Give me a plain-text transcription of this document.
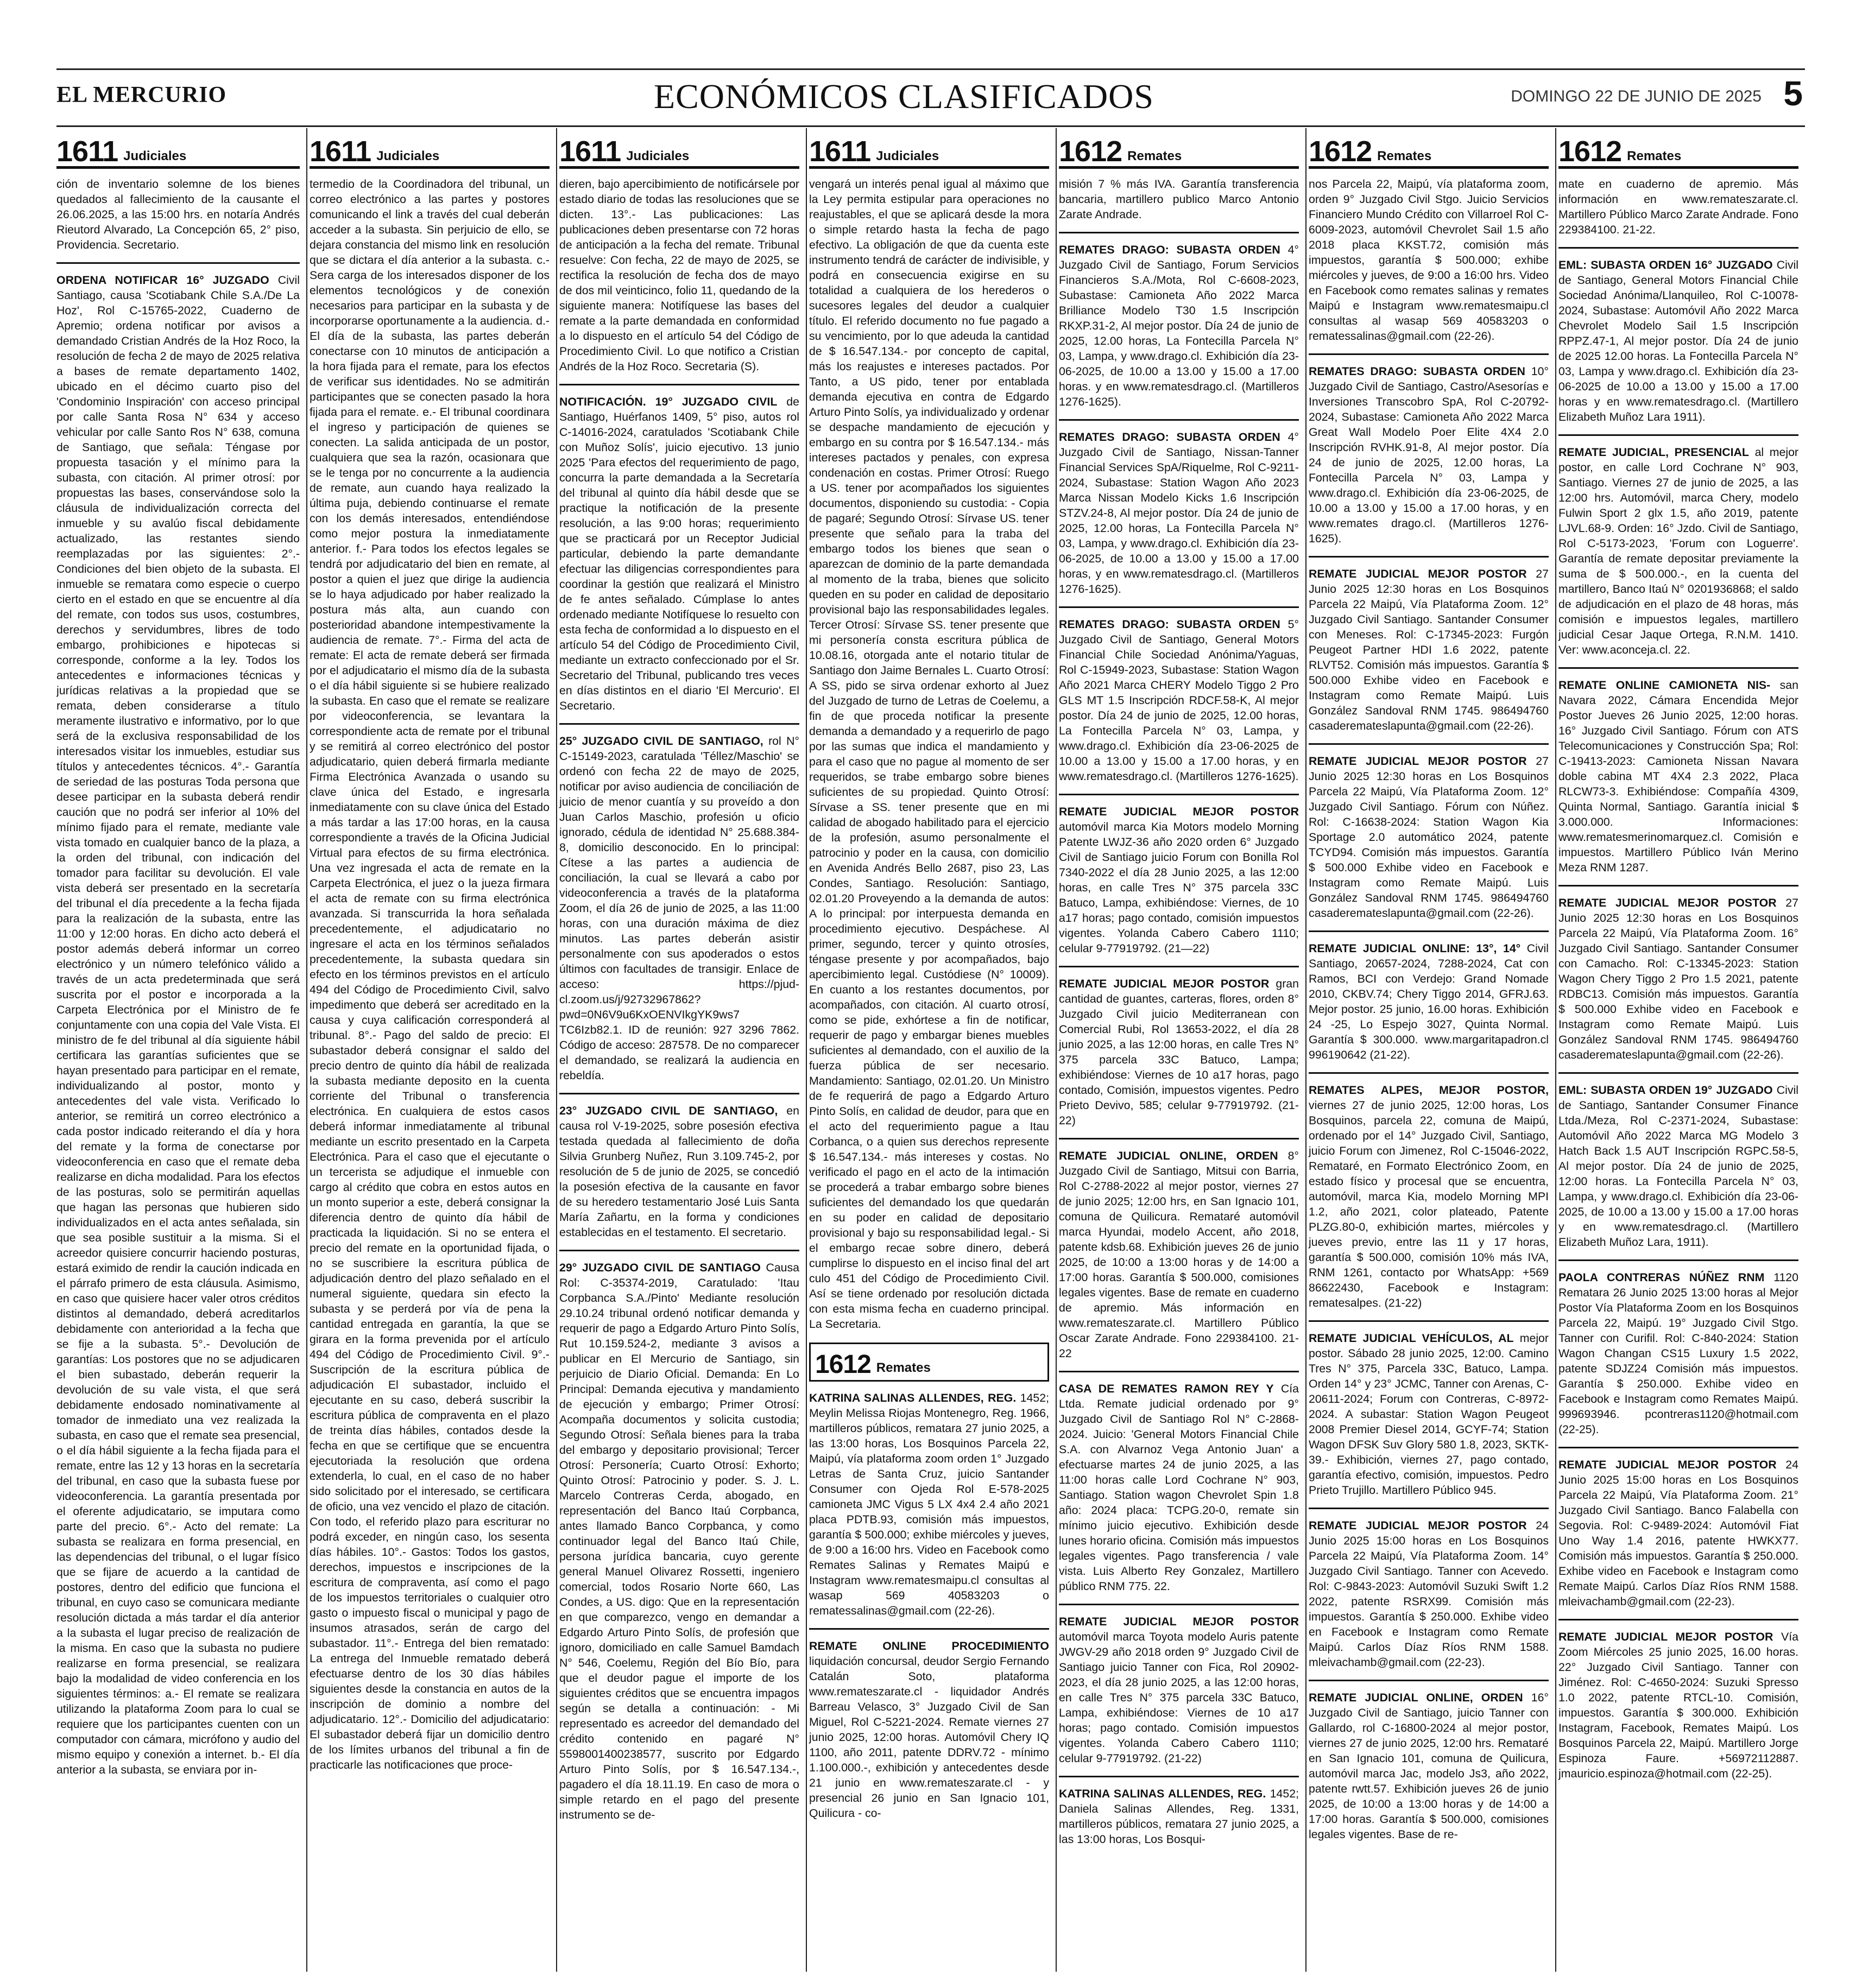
EL MERCURIO	ECONÓMICOS CLASIFICADOS	DOMINGO 22 DE JUNIO DE 2025 5
1611 Judiciales

ción de inventario solemne de los bienes quedados al fallecimiento de la causante el 26.06.2025, a las 15:00 hrs. en notaría Andrés Rieutord Alvarado, La Concepción 65, 2° piso, Providencia. Secretario.

ORDENA NOTIFICAR 16° JUZGADO Civil Santiago, causa 'Scotiabank Chile S.A./De La Hoz', Rol C-15765-2022, Cuaderno de Apremio; ordena notificar por avisos a demandado Cristian Andrés de la Hoz Roco, la resolución de fecha 2 de mayo de 2025 relativa a bases de remate departamento 1402, ubicado en el décimo cuarto piso del 'Condominio Inspiración' con acceso principal por calle Santa Rosa N° 634 y acceso vehicular por calle Santo Ros N° 638, comuna de Santiago, que señala: Téngase por propuesta tasación y el mínimo para la subasta, con citación. Al primer otrosí: por propuestas las bases, conservándose solo la cláusula de individualización correcta del inmueble y su avalúo fiscal debidamente actualizado, las restantes siendo reemplazadas por las siguientes: 2°.- Condiciones del bien objeto de la subasta. El inmueble se rematara como especie o cuerpo cierto en el estado en que se encuentre al día del remate, con todos sus usos, costumbres, derechos y servidumbres, libres de todo embargo, prohibiciones e hipotecas si corresponde, conforme a la ley. Todos los antecedentes e informaciones técnicas y jurídicas relativas a la propiedad que se remata, deben considerarse a título meramente ilustrativo e informativo, por lo que será de la exclusiva responsabilidad de los interesados visitar los inmuebles, estudiar sus títulos y antecedentes técnicos. 4°.- Garantía de seriedad de las posturas Toda persona que desee participar en la subasta deberá rendir caución que no podrá ser inferior al 10% del mínimo fijado para el remate, mediante vale vista tomado en cualquier banco de la plaza, a la orden del tribunal, con indicación del tomador para facilitar su devolución. El vale vista deberá ser presentado en la secretaría del tribunal el día precedente a la fecha fijada para la realización de la subasta, entre las 11:00 y 12:00 horas. En dicho acto deberá el postor además deberá informar un correo electrónico y un número telefónico válido a través de un acta predeterminada que será suscrita por el postor e incorporada a la Carpeta Electrónica por el Ministro de fe conjuntamente con una copia del Vale Vista. El ministro de fe del tribunal al día siguiente hábil certificara las garantías suficientes que se hayan presentado para participar en el remate, individualizando al postor, monto y antecedentes del vale vista. Verificado lo anterior, se remitirá un correo electrónico a cada postor indicado reiterando el día y hora del remate y la forma de conectarse por videoconferencia en caso que el remate deba realizarse en dicha modalidad. Para los efectos de las posturas, solo se permitirán aquellas que hagan las personas que hubieren sido individualizados en el acta antes señalada, sin que sea posible sustituir a la misma. Si el acreedor quisiere concurrir haciendo posturas, estará eximido de rendir la caución indicada en el párrafo primero de esta cláusula. Asimismo, en caso que quisiere hacer valer otros créditos distintos al demandado, deberá acreditarlos debidamente con anterioridad a la fecha que se fije a la subasta. 5°.- Devolución de garantías: Los postores que no se adjudicaren el bien subastado, deberán requerir la devolución de su vale vista, el que será debidamente endosado nominativamente al tomador de inmediato una vez realizada la subasta, en caso que el remate sea presencial, o el día hábil siguiente a la fecha fijada para el remate, entre las 12 y 13 horas en la secretaría del tribunal, en caso que la subasta fuese por videoconferencia. La garantía presentada por el oferente adjudicatario, se imputara como parte del precio. 6°.- Acto del remate: La subasta se realizara en forma presencial, en las dependencias del tribunal, o el lugar físico que se fijare de acuerdo a la cantidad de postores, dentro del edificio que funciona el tribunal, en cuyo caso se comunicara mediante resolución dictada a más tardar el día anterior a la subasta el lugar preciso de realización de la misma. En caso que la subasta no pudiere realizarse en forma presencial, se realizara bajo la modalidad de video conferencia en los siguientes términos: a.- El remate se realizara utilizando la plataforma Zoom para lo cual se requiere que los participantes cuenten con un computador con cámara, micrófono y audio del mismo equipo y conexión a internet. b.- El día anterior a la subasta, se enviara por in-

1611 Judiciales

termedio de la Coordinadora del tribunal, un correo electrónico a las partes y postores comunicando el link a través del cual deberán acceder a la subasta. Sin perjuicio de ello, se dejara constancia del mismo link en resolución que se dictara el día anterior a la subasta. c.- Sera carga de los interesados disponer de los elementos tecnológicos y de conexión necesarios para participar en la subasta y de incorporarse oportunamente a la audiencia. d.- El día de la subasta, las partes deberán conectarse con 10 minutos de anticipación a la hora fijada para el remate, para los efectos de verificar sus identidades. No se admitirán participantes que se conecten pasado la hora fijada para el remate. e.- El tribunal coordinara el ingreso y participación de quienes se conecten. La salida anticipada de un postor, cualquiera que sea la razón, ocasionara que se le tenga por no concurrente a la audiencia de remate, aun cuando haya realizado la última puja, debiendo continuarse el remate con los demás interesados, entendiéndose como mejor postura la inmediatamente anterior. f.- Para todos los efectos legales se tendrá por adjudicatario del bien en remate, al postor a quien el juez que dirige la audiencia se lo haya adjudicado por haber realizado la postura más alta, aun cuando con posterioridad abandone intempestivamente la audiencia de remate. 7°.- Firma del acta de remate: El acta de remate deberá ser firmada por el adjudicatario el mismo día de la subasta o el día hábil siguiente si se hubiere realizado la subasta. En caso que el remate se realizare por videoconferencia, se levantara la correspondiente acta de remate por el tribunal y se remitirá al correo electrónico del postor adjudicatario, quien deberá firmarla mediante Firma Electrónica Avanzada o usando su clave única del Estado, e ingresarla inmediatamente con su clave única del Estado a más tardar a las 17:00 horas, en la causa correspondiente a través de la Oficina Judicial Virtual para efectos de su firma electrónica. Una vez ingresada el acta de remate en la Carpeta Electrónica, el juez o la jueza firmara el acta de remate con su firma electrónica avanzada. Si transcurrida la hora señalada precedentemente, el adjudicatario no ingresare el acta en los términos señalados precedentemente, la subasta quedara sin efecto en los términos previstos en el artículo 494 del Código de Procedimiento Civil, salvo impedimento que deberá ser acreditado en la causa y cuya calificación corresponderá al tribunal. 8°.- Pago del saldo de precio: El subastador deberá consignar el saldo del precio dentro de quinto día hábil de realizada la subasta mediante deposito en la cuenta corriente del Tribunal o transferencia electrónica. En cualquiera de estos casos deberá informar inmediatamente al tribunal mediante un escrito presentado en la Carpeta Electrónica. Para el caso que el ejecutante o un tercerista se adjudique el inmueble con cargo al crédito que cobra en estos autos en un monto superior a este, deberá consignar la diferencia dentro de quinto día hábil de practicada la liquidación. Si no se entera el precio del remate en la oportunidad fijada, o no se suscribiere la escritura pública de adjudicación dentro del plazo señalado en el numeral siguiente, quedara sin efecto la subasta y se perderá por vía de pena la cantidad entregada en garantía, la que se girara en la forma prevenida por el artículo 494 del Código de Procedimiento Civil. 9°.- Suscripción de la escritura pública de adjudicación El subastador, incluido el ejecutante en su caso, deberá suscribir la escritura pública de compraventa en el plazo de treinta días hábiles, contados desde la fecha en que se certifique que se encuentra ejecutoriada la resolución que ordena extenderla, lo cual, en el caso de no haber sido solicitado por el interesado, se certificara de oficio, una vez vencido el plazo de citación. Con todo, el referido plazo para escriturar no podrá exceder, en ningún caso, los sesenta días hábiles. 10°.- Gastos: Todos los gastos, derechos, impuestos e inscripciones de la escritura de compraventa, así como el pago de los impuestos territoriales o cualquier otro gasto o impuesto fiscal o municipal y pago de insumos atrasados, serán de cargo del subastador. 11°.- Entrega del bien rematado: La entrega del Inmueble rematado deberá efectuarse dentro de los 30 días hábiles siguientes desde la constancia en autos de la inscripción de dominio a nombre del adjudicatario. 12°.- Domicilio del adjudicatario: El subastador deberá fijar un domicilio dentro de los límites urbanos del tribunal a fin de practicarle las notificaciones que proce-

1611 Judiciales

dieren, bajo apercibimiento de notificársele por estado diario de todas las resoluciones que se dicten. 13°.- Las publicaciones: Las publicaciones deben presentarse con 72 horas de anticipación a la fecha del remate. Tribunal resuelve: Con fecha, 22 de mayo de 2025, se rectifica la resolución de fecha dos de mayo de dos mil veinticinco, folio 11, quedando de la siguiente manera: Notifíquese las bases del remate a la parte demandada en conformidad a lo dispuesto en el artículo 54 del Código de Procedimiento Civil. Lo que notifico a Cristian Andrés de la Hoz Roco. Secretaria (S).

NOTIFICACIÓN. 19° JUZGADO CIVIL de Santiago, Huérfanos 1409, 5° piso, autos rol C-14016-2024, caratulados 'Scotiabank Chile con Muñoz Solís', juicio ejecutivo. 13 junio 2025 'Para efectos del requerimiento de pago, concurra la parte demandada a la Secretaría del tribunal al quinto día hábil desde que se practique la notificación de la presente resolución, a las 9:00 horas; requerimiento que se practicará por un Receptor Judicial particular, debiendo la parte demandante efectuar las diligencias correspondientes para coordinar la gestión que realizará el Ministro de fe antes señalado. Cúmplase lo antes ordenado mediante Notifíquese lo resuelto con esta fecha de conformidad a lo dispuesto en el artículo 54 del Código de Procedimiento Civil, mediante un extracto confeccionado por el Sr. Secretario del Tribunal, publicando tres veces en días distintos en el diario 'El Mercurio'. El Secretario.

25° JUZGADO CIVIL DE SANTIAGO, rol N° C-15149-2023, caratulada 'Téllez/Maschio' se ordenó con fecha 22 de mayo de 2025, notificar por aviso audiencia de conciliación de juicio de menor cuantía y su proveído a don Juan Carlos Maschio, profesión u oficio ignorado, cédula de identidad N° 25.688.384-8, domicilio desconocido. En lo principal: Cítese a las partes a audiencia de conciliación, la cual se llevará a cabo por videoconferencia a través de la plataforma Zoom, el día 26 de junio de 2025, a las 11:00 horas, con una duración máxima de diez minutos. Las partes deberán asistir personalmente con sus apoderados o estos últimos con facultades de transigir. Enlace de acceso: https://pjud-cl.zoom.us/j/92732967862?pwd=0N6V9u6KxOENVIkgYK9ws7 TC6Izb82.1. ID de reunión: 927 3296 7862. Código de acceso: 287578. De no comparecer el demandado, se realizará la audiencia en rebeldía.

23° JUZGADO CIVIL DE SANTIAGO, en causa rol V-19-2025, sobre posesión efectiva testada quedada al fallecimiento de doña Silvia Grunberg Nuñez, Run 3.109.745-2, por resolución de 5 de junio de 2025, se concedió la posesión efectiva de la causante en favor de su heredero testamentario José Luis Santa María Zañartu, en la forma y condiciones establecidas en el testamento. El secretario.

29° JUZGADO CIVIL DE SANTIAGO Causa Rol: C-35374-2019, Caratulado: 'Itau Corpbanca S.A./Pinto' Mediante resolución 29.10.24 tribunal ordenó notificar demanda y requerir de pago a Edgardo Arturo Pinto Solís, Rut 10.159.524-2, mediante 3 avisos a publicar en El Mercurio de Santiago, sin perjuicio de Diario Oficial. Demanda: En Lo Principal: Demanda ejecutiva y mandamiento de ejecución y embargo; Primer Otrosí: Acompaña documentos y solicita custodia; Segundo Otrosí: Señala bienes para la traba del embargo y depositario provisional; Tercer Otrosí: Personería; Cuarto Otrosí: Exhorto; Quinto Otrosí: Patrocinio y poder. S. J. L. Marcelo Contreras Cerda, abogado, en representación del Banco Itaú Corpbanca, antes llamado Banco Corpbanca, y como continuador legal del Banco Itaú Chile, persona jurídica bancaria, cuyo gerente general Manuel Olivarez Rossetti, ingeniero comercial, todos Rosario Norte 660, Las Condes, a US. digo: Que en la representación en que comparezco, vengo en demandar a Edgardo Arturo Pinto Solís, de profesión que ignoro, domiciliado en calle Samuel Bamdach N° 546, Coelemu, Región del Bío Bío, para que el deudor pague el importe de los siguientes créditos que se encuentra impagos según se detalla a continuación: - Mi representado es acreedor del demandado del crédito contenido en pagaré N° 5598001400238577, suscrito por Edgardo Arturo Pinto Solís, por $ 16.547.134.-, pagadero el día 18.11.19. En caso de mora o simple retardo en el pago del presente instrumento se de-

1611 Judiciales

vengará un interés penal igual al máximo que la Ley permita estipular para operaciones no reajustables, el que se aplicará desde la mora o simple retardo hasta la fecha de pago efectivo. La obligación de que da cuenta este instrumento tendrá de carácter de indivisible, y podrá en consecuencia exigirse en su totalidad a cualquiera de los herederos o sucesores legales del deudor a cualquier título. El referido documento no fue pagado a su vencimiento, por lo que adeuda la cantidad de $ 16.547.134.- por concepto de capital, más los reajustes e intereses pactados. Por Tanto, a US pido, tener por entablada demanda ejecutiva en contra de Edgardo Arturo Pinto Solís, ya individualizado y ordenar se despache mandamiento de ejecución y embargo en su contra por $ 16.547.134.- más intereses pactados y penales, con expresa condenación en costas. Primer Otrosí: Ruego a US. tener por acompañados los siguientes documentos, disponiendo su custodia: - Copia de pagaré; Segundo Otrosí: Sírvase US. tener presente que señalo para la traba del embargo todos los bienes que sean o aparezcan de dominio de la parte demandada al momento de la traba, bienes que solicito queden en su poder en calidad de depositario provisional bajo las responsabilidades legales. Tercer Otrosí: Sírvase SS. tener presente que mi personería consta escritura pública de 10.08.16, otorgada ante el notario titular de Santiago don Jaime Bernales L. Cuarto Otrosí: A SS, pido se sirva ordenar exhorto al Juez del Juzgado de turno de Letras de Coelemu, a fin de que proceda notificar la presente demanda a demandado y a requerirlo de pago por las sumas que indica el mandamiento y para el caso que no pague al momento de ser requeridos, se trabe embargo sobre bienes suficientes de su propiedad. Quinto Otrosí: Sírvase a SS. tener presente que en mi calidad de abogado habilitado para el ejercicio de la profesión, asumo personalmente el patrocinio y poder en la causa, con domicilio en Avenida Andrés Bello 2687, piso 23, Las Condes, Santiago. Resolución: Santiago, 02.01.20 Proveyendo a la demanda de autos: A lo principal: por interpuesta demanda en procedimiento ejecutivo. Despáchese. Al primer, segundo, tercer y quinto otrosíes, téngase presente y por acompañados, bajo apercibimiento legal. Custódiese (N° 10009). En cuanto a los restantes documentos, por acompañados, con citación. Al cuarto otrosí, como se pide, exhórtese a fin de notificar, requerir de pago y embargar bienes muebles suficientes al demandado, con el auxilio de la fuerza pública de ser necesario. Mandamiento: Santiago, 02.01.20. Un Ministro de fe requerirá de pago a Edgardo Arturo Pinto Solís, en calidad de deudor, para que en el acto del requerimiento pague a Itau Corbanca, o a quien sus derechos represente $ 16.547.134.- más intereses y costas. No verificado el pago en el acto de la intimación se procederá a trabar embargo sobre bienes suficientes del demandado los que quedarán en su poder en calidad de depositario provisional y bajo su responsabilidad legal.- Si el embargo recae sobre dinero, deberá cumplirse lo dispuesto en el inciso final del art culo 451 del Código de Procedimiento Civil. Así se tiene ordenado por resolución dictada con esta misma fecha en cuaderno principal. La Secretaria.

1612 Remates

KATRINA SALINAS ALLENDES, REG. 1452; Meylin Melissa Riojas Montenegro, Reg. 1966, martilleros públicos, rematara 27 junio 2025, a las 13:00 horas, Los Bosquinos Parcela 22, Maipú, vía plataforma zoom orden 1° Juzgado Letras de Santa Cruz, juicio Santander Consumer con Ojeda Rol E-578-2025 camioneta JMC Vigus 5 LX 4x4 2.4 año 2021 placa PDTB.93, comisión más impuestos, garantía $ 500.000; exhibe miércoles y jueves, de 9:00 a 16:00 hrs. Video en Facebook como Remates Salinas y Remates Maipú e Instagram www.rematesmaipu.cl consultas al wasap 569 40583203 o rematessalinas@gmail.com (22-26).

REMATE ONLINE PROCEDIMIENTO liquidación concursal, deudor Sergio Fernando Catalán Soto, plataforma www.remateszarate.cl - liquidador Andrés Barreau Velasco, 3° Juzgado Civil de San Miguel, Rol C-5221-2024. Remate viernes 27 junio 2025, 12:00 horas. Automóvil Chery IQ 1100, año 2011, patente DDRV.72 - mínimo 1.100.000.-, exhibición y antecedentes desde 21 junio en www.remateszarate.cl - y presencial 26 junio en San Ignacio 101, Quilicura - co-

1612 Remates

misión 7 % más IVA. Garantía transferencia bancaria, martillero publico Marco Antonio Zarate Andrade.

REMATES DRAGO: SUBASTA ORDEN 4° Juzgado Civil de Santiago, Forum Servicios Financieros S.A./Mota, Rol C-6608-2023, Subastase: Camioneta Año 2022 Marca Brilliance Modelo T30 1.5 Inscripción RKXP.31-2, Al mejor postor. Día 24 de junio de 2025, 12.00 horas, La Fontecilla Parcela N° 03, Lampa, y www.drago.cl. Exhibición día 23-06-2025, de 10.00 a 13.00 y 15.00 a 17.00 horas. y en www.rematesdrago.cl. (Martilleros 1276-1625).

REMATES DRAGO: SUBASTA ORDEN 4° Juzgado Civil de Santiago, Nissan-Tanner Financial Services SpA/Riquelme, Rol C-9211-2024, Subastase: Station Wagon Año 2023 Marca Nissan Modelo Kicks 1.6 Inscripción STZV.24-8, Al mejor postor. Día 24 de junio de 2025, 12.00 horas, La Fontecilla Parcela N° 03, Lampa, y www.drago.cl. Exhibición día 23-06-2025, de 10.00 a 13.00 y 15.00 a 17.00 horas, y en www.rematesdrago.cl. (Martilleros 1276-1625).

REMATES DRAGO: SUBASTA ORDEN 5° Juzgado Civil de Santiago, General Motors Financial Chile Sociedad Anónima/Yaguas, Rol C-15949-2023, Subastase: Station Wagon Año 2021 Marca CHERY Modelo Tiggo 2 Pro GLS MT 1.5 Inscripción RDCF.58-K, Al mejor postor. Día 24 de junio de 2025, 12.00 horas, La Fontecilla Parcela N° 03, Lampa, y www.drago.cl. Exhibición día 23-06-2025 de 10.00 a 13.00 y 15.00 a 17.00 horas, y en www.rematesdrago.cl. (Martilleros 1276-1625).

REMATE JUDICIAL MEJOR POSTOR automóvil marca Kia Motors modelo Morning Patente LWJZ-36 año 2020 orden 6° Juzgado Civil de Santiago juicio Forum con Bonilla Rol 7340-2022 el día 28 Junio 2025, a las 12:00 horas, en calle Tres N° 375 parcela 33C Batuco, Lampa, exhibiéndose: Viernes, de 10 a17 horas; pago contado, comisión impuestos vigentes. Yolanda Cabero Cabero 1110; celular 9-77919792. (21—22)

REMATE JUDICIAL MEJOR POSTOR gran cantidad de guantes, carteras, flores, orden 8° Juzgado Civil juicio Mediterranean con Comercial Rubi, Rol 13653-2022, el día 28 junio 2025, a las 12:00 horas, en calle Tres N° 375 parcela 33C Batuco, Lampa; exhibiéndose: Viernes de 10 a17 horas, pago contado, Comisión, impuestos vigentes. Pedro Prieto Devivo, 585; celular 9-77919792. (21-22)

REMATE JUDICIAL ONLINE, ORDEN 8° Juzgado Civil de Santiago, Mitsui con Barria, Rol C-2788-2022 al mejor postor, viernes 27 de junio 2025; 12:00 hrs, en San Ignacio 101, comuna de Quilicura. Remataré automóvil marca Hyundai, modelo Accent, año 2018, patente kdsb.68. Exhibición jueves 26 de junio 2025, de 10:00 a 13:00 horas y de 14:00 a 17:00 horas. Garantía $ 500.000, comisiones legales vigentes. Base de remate en cuaderno de apremio. Más información en www.remateszarate.cl. Martillero Público Oscar Zarate Andrade. Fono 229384100. 21-22

CASA DE REMATES RAMON REY Y Cía Ltda. Remate judicial ordenado por 9° Juzgado Civil de Santiago Rol N° C-2868-2024. Juicio: 'General Motors Financial Chile S.A. con Alvarnoz Vega Antonio Juan' a efectuarse martes 24 de junio 2025, a las 11:00 horas calle Lord Cochrane N° 903, Santiago. Station wagon Chevrolet Spin 1.8 año: 2024 placa: TCPG.20-0, remate sin mínimo juicio ejecutivo. Exhibición desde lunes horario oficina. Comisión más impuestos legales vigentes. Pago transferencia / vale vista. Luis Alberto Rey Gonzalez, Martillero público RNM 775. 22.

REMATE JUDICIAL MEJOR POSTOR automóvil marca Toyota modelo Auris patente JWGV-29 año 2018 orden 9° Juzgado Civil de Santiago juicio Tanner con Fica, Rol 20902-2023, el día 28 junio 2025, a las 12:00 horas, en calle Tres N° 375 parcela 33C Batuco, Lampa, exhibiéndose: Viernes de 10 a17 horas; pago contado. Comisión impuestos vigentes. Yolanda Cabero Cabero 1110; celular 9-77919792. (21-22)

KATRINA SALINAS ALLENDES, REG. 1452; Daniela Salinas Allendes, Reg. 1331, martilleros públicos, rematara 27 junio 2025, a las 13:00 horas, Los Bosqui-

1612 Remates

nos Parcela 22, Maipú, vía plataforma zoom, orden 9° Juzgado Civil Stgo. Juicio Servicios Financiero Mundo Crédito con Villarroel Rol C-6009-2023, automóvil Chevrolet Sail 1.5 año 2018 placa KKST.72, comisión más impuestos, garantía $ 500.000; exhibe miércoles y jueves, de 9:00 a 16:00 hrs. Video en Facebook como remates salinas y remates Maipú e Instagram www.rematesmaipu.cl consultas al wasap 569 40583203 o rematessalinas@gmail.com (22-26).

REMATES DRAGO: SUBASTA ORDEN 10° Juzgado Civil de Santiago, Castro/Asesorías e Inversiones Transcobro SpA, Rol C-20792-2024, Subastase: Camioneta Año 2022 Marca Great Wall Modelo Poer Elite 4X4 2.0 Inscripción RVHK.91-8, Al mejor postor. Día 24 de junio de 2025, 12.00 horas, La Fontecilla Parcela N° 03, Lampa y www.drago.cl. Exhibición día 23-06-2025, de 10.00 a 13.00 y 15.00 a 17.00 horas, y en www.remates drago.cl. (Martilleros 1276-1625).

REMATE JUDICIAL MEJOR POSTOR 27 Junio 2025 12:30 horas en Los Bosquinos Parcela 22 Maipú, Vía Plataforma Zoom. 12° Juzgado Civil Santiago. Santander Consumer con Meneses. Rol: C-17345-2023: Furgón Peugeot Partner HDI 1.6 2022, patente RLVT52. Comisión más impuestos. Garantía $ 500.000 Exhibe video en Facebook e Instagram como Remate Maipú. Luis González Sandoval RNM 1745. 986494760 casaderemateslapunta@gmail.com (22-26).

REMATE JUDICIAL MEJOR POSTOR 27 Junio 2025 12:30 horas en Los Bosquinos Parcela 22 Maipú, Vía Plataforma Zoom. 12° Juzgado Civil Santiago. Fórum con Núñez. Rol: C-16638-2024: Station Wagon Kia Sportage 2.0 automático 2024, patente TCYD94. Comisión más impuestos. Garantía $ 500.000 Exhibe video en Facebook e Instagram como Remate Maipú. Luis González Sandoval RNM 1745. 986494760 casaderemateslapunta@gmail.com (22-26).

REMATE JUDICIAL ONLINE: 13°, 14° Civil Santiago, 20657-2024, 7288-2024, Cat con Ramos, BCI con Verdejo: Grand Nomade 2010, CKBV.74; Chery Tiggo 2014, GFRJ.63. Mejor postor. 25 junio, 16.00 horas. Exhibición 24 -25, Lo Espejo 3027, Quinta Normal. Garantía $ 300.000. www.margaritapadron.cl 996190642 (21-22).

REMATES ALPES, MEJOR POSTOR, viernes 27 de junio 2025, 12:00 horas, Los Bosquinos, parcela 22, comuna de Maipú, ordenado por el 14° Juzgado Civil, Santiago, juicio Forum con Jimenez, Rol C-15046-2022, Remataré, en Formato Electrónico Zoom, en estado físico y procesal que se encuentra, automóvil, marca Kia, modelo Morning MPI 1.2, año 2021, color plateado, Patente PLZG.80-0, exhibición martes, miércoles y jueves previo, entre las 11 y 17 horas, garantía $ 500.000, comisión 10% más IVA, RNM 1261, contacto por WhatsApp: +569 86622430, Facebook e Instagram: rematesalpes. (21-22)

REMATE JUDICIAL VEHÍCULOS, AL mejor postor. Sábado 28 junio 2025, 12:00. Camino Tres N° 375, Parcela 33C, Batuco, Lampa. Orden 14° y 23° JCMC, Tanner con Arenas, C-20611-2024; Forum con Contreras, C-8972-2024. A subastar: Station Wagon Peugeot 2008 Premier Diesel 2014, GCYF-74; Station Wagon DFSK Suv Glory 580 1.8, 2023, SKTK-39.- Exhibición, viernes 27, pago contado, garantía efectivo, comisión, impuestos. Pedro Prieto Trujillo. Martillero Público 945.

REMATE JUDICIAL MEJOR POSTOR 24 Junio 2025 15:00 horas en Los Bosquinos Parcela 22 Maipú, Vía Plataforma Zoom. 14° Juzgado Civil Santiago. Tanner con Acevedo. Rol: C-9843-2023: Automóvil Suzuki Swift 1.2 2022, patente RSRX99. Comisión más impuestos. Garantía $ 250.000. Exhibe video en Facebook e Instagram como Remate Maipú. Carlos Díaz Ríos RNM 1588. mleivachamb@gmail.com (22-23).

REMATE JUDICIAL ONLINE, ORDEN 16° Juzgado Civil de Santiago, juicio Tanner con Gallardo, rol C-16800-2024 al mejor postor, viernes 27 de junio 2025, 12:00 hrs. Remataré en San Ignacio 101, comuna de Quilicura, automóvil marca Jac, modelo Js3, año 2022, patente rwtt.57. Exhibición jueves 26 de junio 2025, de 10:00 a 13:00 horas y de 14:00 a 17:00 horas. Garantía $ 500.000, comisiones legales vigentes. Base de re-

1612 Remates

mate en cuaderno de apremio. Más información en www.remateszarate.cl. Martillero Público Marco Zarate Andrade. Fono 229384100. 21-22.

EML: SUBASTA ORDEN 16° JUZGADO Civil de Santiago, General Motors Financial Chile Sociedad Anónima/Llanquileo, Rol C-10078-2024, Subastase: Automóvil Año 2022 Marca Chevrolet Modelo Sail 1.5 Inscripción RPPZ.47-1, Al mejor postor. Día 24 de junio de 2025 12.00 horas. La Fontecilla Parcela N° 03, Lampa y www.drago.cl. Exhibición día 23-06-2025 de 10.00 a 13.00 y 15.00 a 17.00 horas y en www.rematesdrago.cl. (Martillero Elizabeth Muñoz Lara 1911).

REMATE JUDICIAL, PRESENCIAL al mejor postor, en calle Lord Cochrane N° 903, Santiago. Viernes 27 de junio de 2025, a las 12:00 hrs. Automóvil, marca Chery, modelo Fulwin Sport 2 glx 1.5, año 2019, patente LJVL.68-9. Orden: 16° Jzdo. Civil de Santiago, Rol C-5173-2023, 'Forum con Loguerre'. Garantía de remate depositar previamente la suma de $ 500.000.-, en la cuenta del martillero, Banco Itaú N° 0201936868; el saldo de adjudicación en el plazo de 48 horas, más comisión e impuestos legales, martillero judicial Cesar Jaque Ortega, R.N.M. 1410. Ver: www.aconceja.cl. 22.

REMATE ONLINE CAMIONETA NIS- san Navara 2022, Cámara Encendida Mejor Postor Jueves 26 Junio 2025, 12:00 horas. 16° Juzgado Civil Santiago. Fórum con ATS Telecomunicaciones y Construcción Spa; Rol: C-19413-2023: Camioneta Nissan Navara doble cabina MT 4X4 2.3 2022, Placa RLCW73-3. Exhibiéndose: Compañía 4309, Quinta Normal, Santiago. Garantía inicial $ 3.000.000. Informaciones: www.rematesmerinomarquez.cl. Comisión e impuestos. Martillero Público Iván Merino Meza RNM 1287.

REMATE JUDICIAL MEJOR POSTOR 27 Junio 2025 12:30 horas en Los Bosquinos Parcela 22 Maipú, Vía Plataforma Zoom. 16° Juzgado Civil Santiago. Santander Consumer con Camacho. Rol: C-13345-2023: Station Wagon Chery Tiggo 2 Pro 1.5 2021, patente RDBC13. Comisión más impuestos. Garantía $ 500.000 Exhibe video en Facebook e Instagram como Remate Maipú. Luis González Sandoval RNM 1745. 986494760 casaderemateslapunta@gmail.com (22-26).

EML: SUBASTA ORDEN 19° JUZGADO Civil de Santiago, Santander Consumer Finance Ltda./Meza, Rol C-2371-2024, Subastase: Automóvil Año 2022 Marca MG Modelo 3 Hatch Back 1.5 AUT Inscripción RGPC.58-5, Al mejor postor. Día 24 de junio de 2025, 12:00 horas. La Fontecilla Parcela N° 03, Lampa, y www.drago.cl. Exhibición día 23-06-2025, de 10.00 a 13.00 y 15.00 a 17.00 horas y en www.rematesdrago.cl. (Martillero Elizabeth Muñoz Lara, 1911).

PAOLA CONTRERAS NÚÑEZ RNM 1120 Rematara 26 Junio 2025 13:00 horas al Mejor Postor Vía Plataforma Zoom en los Bosquinos Parcela 22, Maipú. 19° Juzgado Civil Stgo. Tanner con Curifil. Rol: C-840-2024: Station Wagon Changan CS15 Luxury 1.5 2022, patente SDJZ24 Comisión más impuestos. Garantía $ 250.000. Exhibe video en Facebook e Instagram como Remates Maipú. 999693946. pcontreras1120@hotmail.com (22-25).

REMATE JUDICIAL MEJOR POSTOR 24 Junio 2025 15:00 horas en Los Bosquinos Parcela 22 Maipú, Vía Plataforma Zoom. 21° Juzgado Civil Santiago. Banco Falabella con Segovia. Rol: C-9489-2024: Automóvil Fiat Uno Way 1.4 2016, patente HWKX77. Comisión más impuestos. Garantía $ 250.000. Exhibe video en Facebook e Instagram como Remate Maipú. Carlos Díaz Ríos RNM 1588. mleivachamb@gmail.com (22-23).

REMATE JUDICIAL MEJOR POSTOR Vía Zoom Miércoles 25 junio 2025, 16.00 horas. 22° Juzgado Civil Santiago. Tanner con Jiménez. Rol: C-4650-2024: Suzuki Spresso 1.0 2022, patente RTCL-10. Comisión, impuestos. Garantía $ 300.000. Exhibición Instagram, Facebook, Remates Maipú. Los Bosquinos Parcela 22, Maipú. Martillero Jorge Espinoza Faure. +56972112887. jmauricio.espinoza@hotmail.com (22-25).
